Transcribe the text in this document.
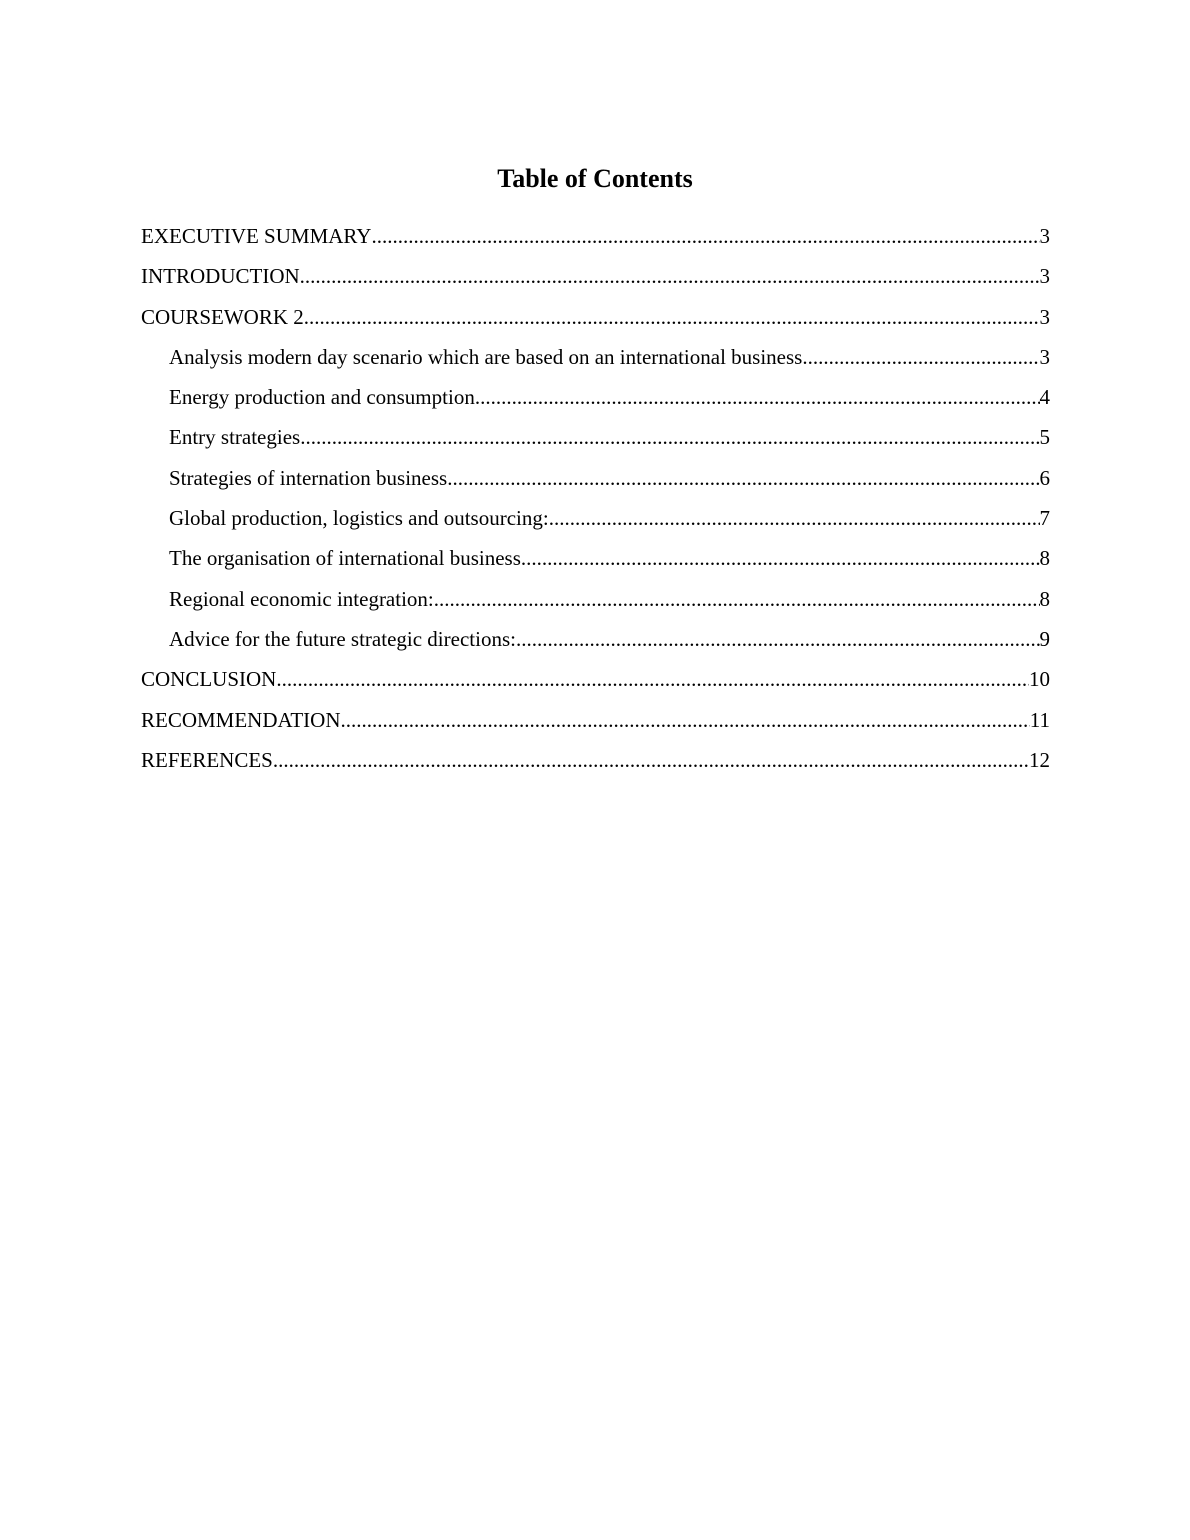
Table of Contents
EXECUTIVE SUMMARY .....	3
INTRODUCTION .....	3
COURSEWORK 2 .....	3
Analysis modern day scenario which are based on an international business .....	3
Energy production and consumption .....	4
Entry strategies .....	5
Strategies of internation business .....	6
Global production, logistics and outsourcing: .....	7
The organisation of international business .....	8
Regional economic integration: .....	8
Advice for the future strategic directions: .....	9
CONCLUSION .....	10
RECOMMENDATION .....	11
REFERENCES .....	12
